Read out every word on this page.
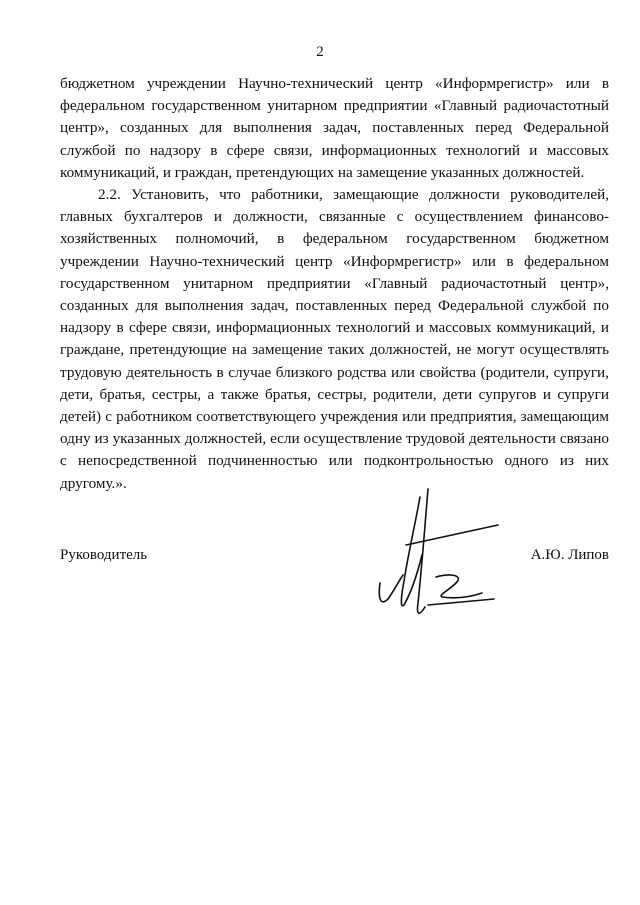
2

бюджетном учреждении Научно-технический центр «Информрегистр» или в федеральном государственном унитарном предприятии «Главный радиочастотный центр», созданных для выполнения задач, поставленных перед Федеральной службой по надзору в сфере связи, информационных технологий и массовых коммуникаций, и граждан, претендующих на замещение указанных должностей.

2.2. Установить, что работники, замещающие должности руководителей, главных бухгалтеров и должности, связанные с осуществлением финансово-хозяйственных полномочий, в федеральном государственном бюджетном учреждении Научно-технический центр «Информрегистр» или в федеральном государственном унитарном предприятии «Главный радиочастотный центр», созданных для выполнения задач, поставленных перед Федеральной службой по надзору в сфере связи, информационных технологий и массовых коммуникаций, и граждане, претендующие на замещение таких должностей, не могут осуществлять трудовую деятельность в случае близкого родства или свойства (родители, супруги, дети, братья, сестры, а также братья, сестры, родители, дети супругов и супруги детей) с работником соответствующего учреждения или предприятия, замещающим одну из указанных должностей, если осуществление трудовой деятельности связано с непосредственной подчиненностью или подконтрольностью одного из них другому.».

Руководитель	А.Ю. Липов
